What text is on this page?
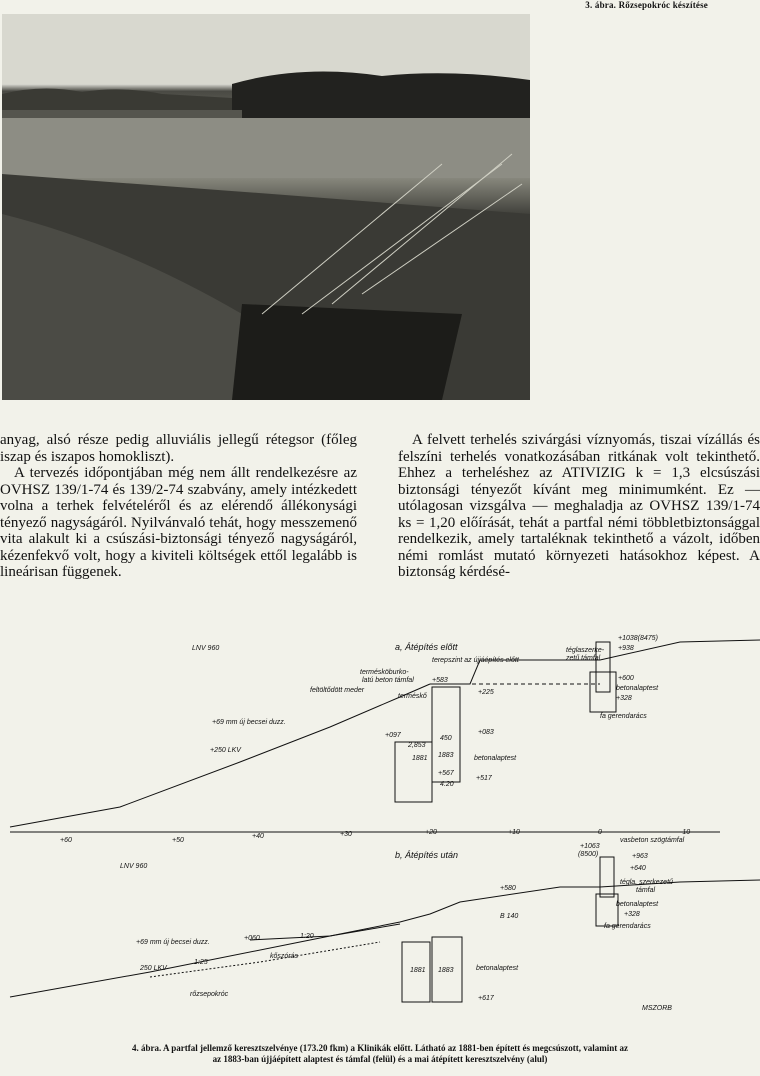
3. ábra. Rőzsepokróc készítése

anyag, alsó része pedig alluviális jellegű rétegsor (főleg iszap és iszapos homokliszt).

A tervezés időpontjában még nem állt rendelkezésre az OVHSZ 139/1-74 és 139/2-74 szabvány, amely intézkedett volna a terhek felvételéről és az elérendő állékonysági tényező nagyságáról. Nyilvánvaló tehát, hogy messzemenő vita alakult ki a csúszási-biztonsági tényező nagyságáról, kézenfekvő volt, hogy a kiviteli költségek ettől legalább is lineárisan függenek.

A felvett terhelés szivárgási víznyomás, tiszai vízállás és felszíni terhelés vonatkozásában ritkának volt tekinthető. Ehhez a terheléshez az ATIVIZIG k = 1,3 elcsúszási biztonsági tényezőt kívánt meg minimumként. Ez — utólagosan vizsgálva — meghaladja az OVHSZ 139/1-74 ks = 1,20 előírását, tehát a partfal némi többletbiztonsággal rendelkezik, amely tartaléknak tekinthető a vázolt, időben némi romlást mutató környezeti hatásokhoz képest. A biztonság kérdésé-

a, Átépítés előtt
LNV 960
terepszint az újjáépítés előtt
termésköburko-
latú beton támfal
feltöltődött meder
terméskő
+69 mm új becsei duzz.
+250 LKV
+583
+225
+083
+097	450
1883
1881
2,853
+567
4.20
+517
betonalaptest
téglaszerke-
zetű támfal
+1038(8475)
+938
+600
+328
betonalaptest
fa gerendarács
+60	+50
+40	+30	+20	+10	0	-10
b, Átépítés után
LNV 960
vasbeton szögtámfal
+1063
(8500)	+963
+640
tégla, szerkezetű
támfal
betonalaptest
+328
fa gerendarács
+580
B 140
+69 mm új becsei duzz.
+060	1:20
250 LKV
1:25
kőszórás
rőzsepokróc
1881 1883	betonalaptest
+617
MSZORB
4. ábra. A partfal jellemző keresztszelvénye (173.20 fkm) a Klinikák előtt. Látható az 1881-ben épített és megcsúszott, valamint az
az 1883-ban újjáépített alaptest és támfal (felül) és a mai átépített keresztszelvény (alul)
